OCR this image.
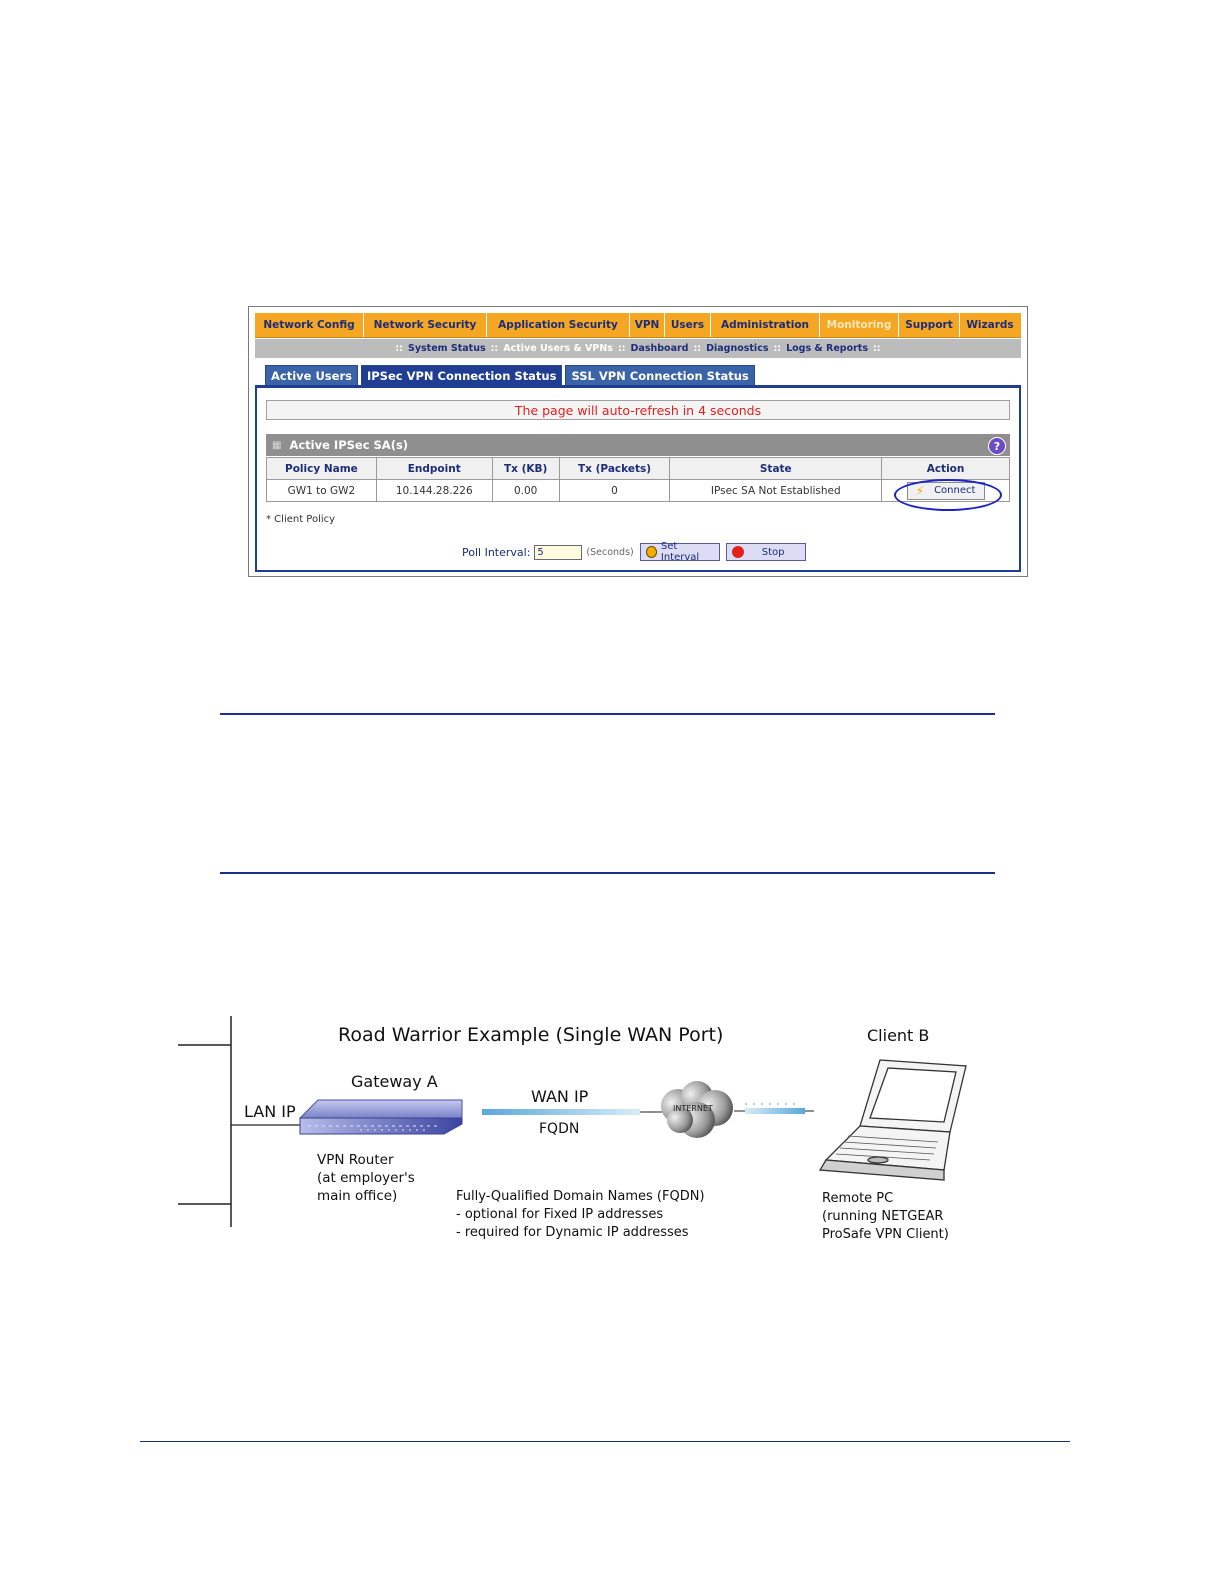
Network Config	Network Security	Application Security	VPN	Users	Administration	Monitoring	Support	Wizards
:: System Status :: Active Users & VPNs :: Dashboard :: Diagnostics :: Logs & Reports ::
Active Users	IPSec VPN Connection Status	SSL VPN Connection Status
The page will auto-refresh in 4 seconds
▦ Active IPSec SA(s)	?
Policy Name	Endpoint	Tx (KB)	Tx (Packets)	State	Action
GW1 to GW2	10.144.28.226	0.00	0	IPsec SA Not Established	⚡ Connect
* Client Policy
Poll Interval:
5	(Seconds)	Set Interval	Stop
Road Warrior Example (Single WAN Port)
Gateway A
LAN IP
WAN IP
FQDN
INTERNET
Client B
VPN Router
(at employer's
main office)	Fully-Qualified Domain Names (FQDN)
- optional for Fixed IP addresses
- required for Dynamic IP addresses
Remote PC
(running NETGEAR
ProSafe VPN Client)
